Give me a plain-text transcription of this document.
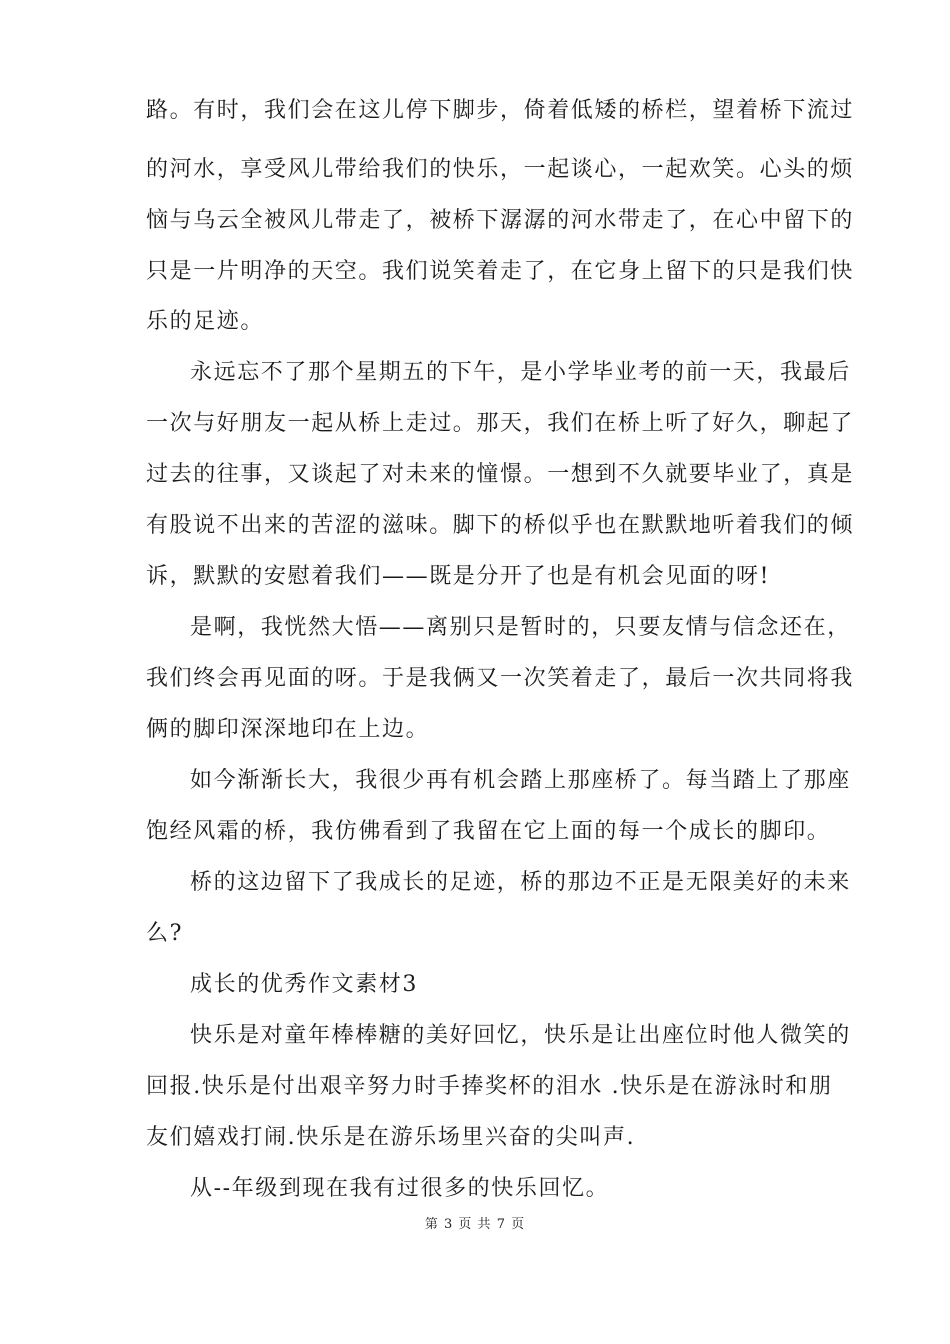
路。有时，我们会在这儿停下脚步，倚着低矮的桥栏，望着桥下流过
的河水，享受风儿带给我们的快乐，一起谈心，一起欢笑。心头的烦
恼与乌云全被风儿带走了，被桥下潺潺的河水带走了，在心中留下的
只是一片明净的天空。我们说笑着走了，在它身上留下的只是我们快
乐的足迹。
永远忘不了那个星期五的下午，是小学毕业考的前一天，我最后
一次与好朋友一起从桥上走过。那天，我们在桥上听了好久，聊起了
过去的往事，又谈起了对未来的憧憬。一想到不久就要毕业了，真是
有股说不出来的苦涩的滋味。脚下的桥似乎也在默默地听着我们的倾
诉，默默的安慰着我们——既是分开了也是有机会见面的呀!
是啊，我恍然大悟——离别只是暂时的，只要友情与信念还在，
我们终会再见面的呀。于是我俩又一次笑着走了，最后一次共同将我
俩的脚印深深地印在上边。
如今渐渐长大，我很少再有机会踏上那座桥了。每当踏上了那座
饱经风霜的桥，我仿佛看到了我留在它上面的每一个成长的脚印。
桥的这边留下了我成长的足迹，桥的那边不正是无限美好的未来
么?
成长的优秀作文素材3
快乐是对童年棒棒糖的美好回忆，快乐是让出座位时他人微笑的
回报.快乐是付出艰辛努力时手捧奖杯的泪水 .快乐是在游泳时和朋
友们嬉戏打闹.快乐是在游乐场里兴奋的尖叫声.
从--年级到现在我有过很多的快乐回忆。
第 3 页 共 7 页
